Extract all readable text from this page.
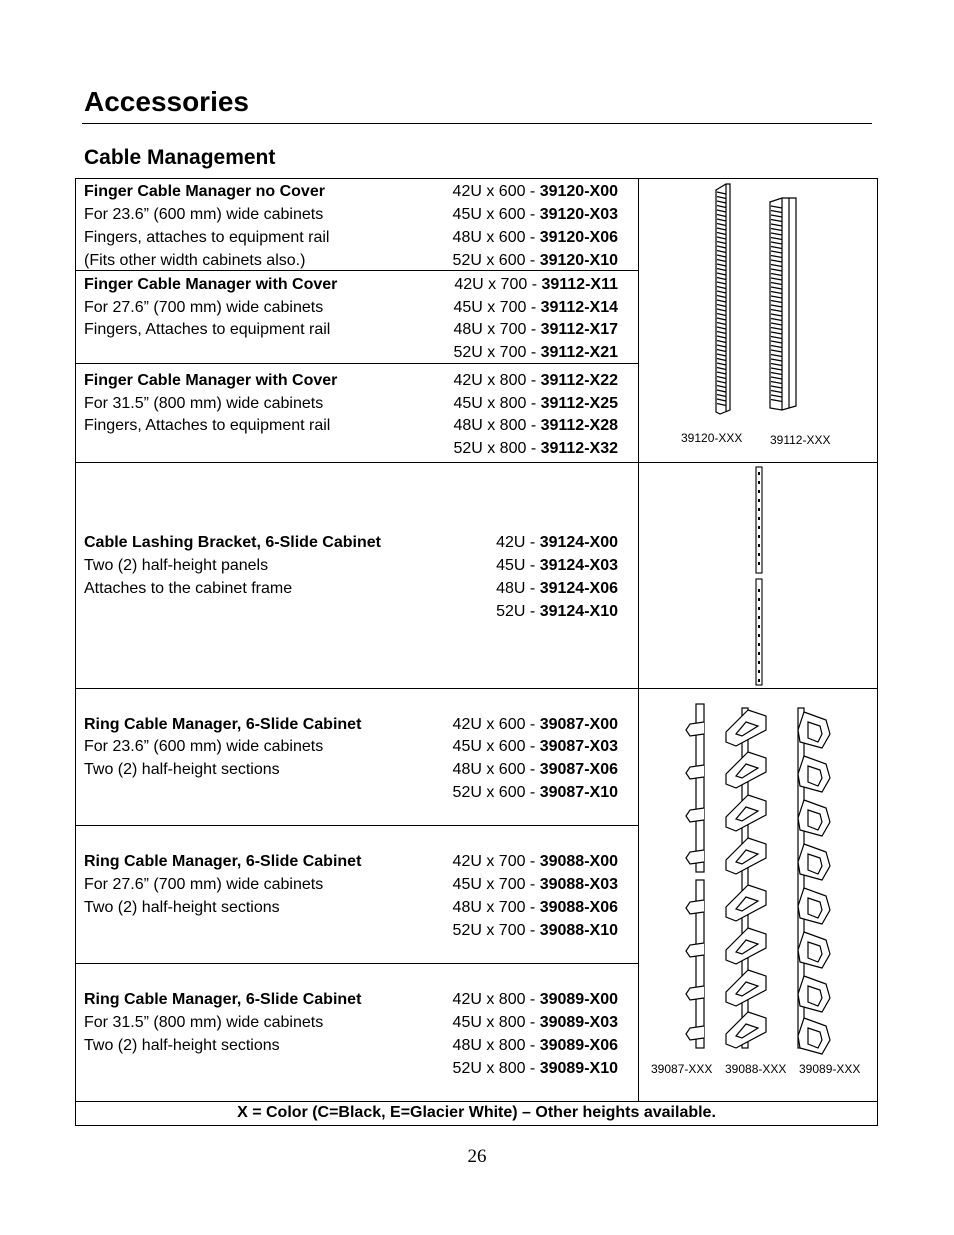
Accessories
Cable Management
Finger Cable Manager no Cover
For 23.6” (600 mm) wide cabinets
Fingers, attaches to equipment rail
(Fits other width cabinets also.)
42U x 600 - 39120-X00
45U x 600 - 39120-X03
48U x 600 - 39120-X06
52U x 600 - 39120-X10
Finger Cable Manager with Cover
For 27.6” (700 mm) wide cabinets
Fingers, Attaches to equipment rail
42U x 700 - 39112-X11
45U x 700 - 39112-X14
48U x 700 - 39112-X17
52U x 700 - 39112-X21
Finger Cable Manager with Cover
For 31.5” (800 mm) wide cabinets
Fingers, Attaches to equipment rail
42U x 800 - 39112-X22
45U x 800 - 39112-X25
48U x 800 - 39112-X28
52U x 800 - 39112-X32
Cable Lashing Bracket, 6-Slide Cabinet
Two (2) half-height panels
Attaches to the cabinet frame
42U - 39124-X00
45U - 39124-X03
48U - 39124-X06
52U - 39124-X10
Ring Cable Manager, 6-Slide Cabinet
For 23.6” (600 mm) wide cabinets
Two (2) half-height sections
42U x 600 - 39087-X00
45U x 600 - 39087-X03
48U x 600 - 39087-X06
52U x 600 - 39087-X10
Ring Cable Manager, 6-Slide Cabinet
For 27.6” (700 mm) wide cabinets
Two (2) half-height sections
42U x 700 - 39088-X00
45U x 700 - 39088-X03
48U x 700 - 39088-X06
52U x 700 - 39088-X10
Ring Cable Manager, 6-Slide Cabinet
For 31.5” (800 mm) wide cabinets
Two (2) half-height sections
42U x 800 - 39089-X00
45U x 800 - 39089-X03
48U x 800 - 39089-X06
52U x 800 - 39089-X10
39120-XXX 39112-XXX
39087-XXX 39088-XXX 39089-XXX
X = Color (C=Black, E=Glacier White) – Other heights available.
26
